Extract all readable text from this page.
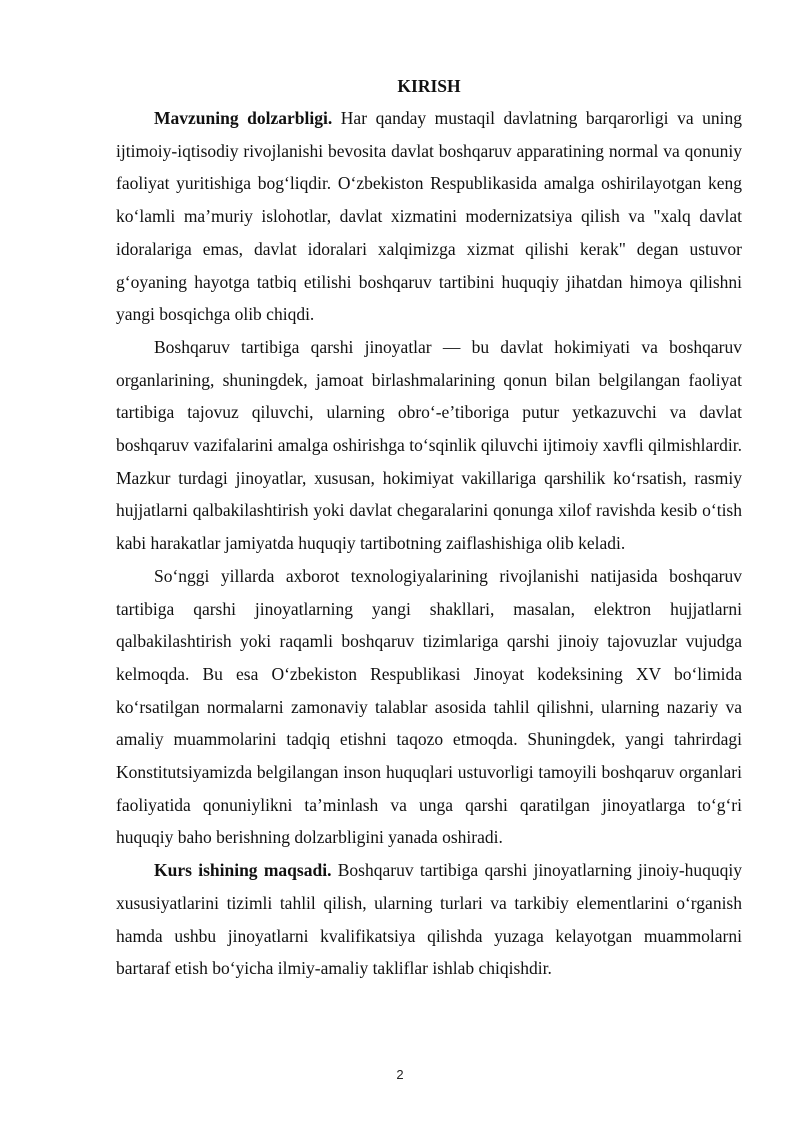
KIRISH

Mavzuning dolzarbligi. Har qanday mustaqil davlatning barqarorligi va uning ijtimoiy-iqtisodiy rivojlanishi bevosita davlat boshqaruv apparatining normal va qonuniy faoliyat yuritishiga bog‘liqdir. O‘zbekiston Respublikasida amalga oshirilayotgan keng ko‘lamli ma’muriy islohotlar, davlat xizmatini modernizatsiya qilish va "xalq davlat idoralariga emas, davlat idoralari xalqimizga xizmat qilishi kerak" degan ustuvor g‘oyaning hayotga tatbiq etilishi boshqaruv tartibini huquqiy jihatdan himoya qilishni yangi bosqichga olib chiqdi.

Boshqaruv tartibiga qarshi jinoyatlar — bu davlat hokimiyati va boshqaruv organlarining, shuningdek, jamoat birlashmalarining qonun bilan belgilangan faoliyat tartibiga tajovuz qiluvchi, ularning obro‘-e’tiboriga putur yetkazuvchi va davlat boshqaruv vazifalarini amalga oshirishga to‘sqinlik qiluvchi ijtimoiy xavfli qilmishlardir. Mazkur turdagi jinoyatlar, xususan, hokimiyat vakillariga qarshilik ko‘rsatish, rasmiy hujjatlarni qalbakilashtirish yoki davlat chegaralarini qonunga xilof ravishda kesib o‘tish kabi harakatlar jamiyatda huquqiy tartibotning zaiflashishiga olib keladi.

So‘nggi yillarda axborot texnologiyalarining rivojlanishi natijasida boshqaruv tartibiga qarshi jinoyatlarning yangi shakllari, masalan, elektron hujjatlarni qalbakilashtirish yoki raqamli boshqaruv tizimlariga qarshi jinoiy tajovuzlar vujudga kelmoqda. Bu esa O‘zbekiston Respublikasi Jinoyat kodeksining XV bo‘limida ko‘rsatilgan normalarni zamonaviy talablar asosida tahlil qilishni, ularning nazariy va amaliy muammolarini tadqiq etishni taqozo etmoqda. Shuningdek, yangi tahrirdagi Konstitutsiyamizda belgilangan inson huquqlari ustuvorligi tamoyili boshqaruv organlari faoliyatida qonuniylikni ta’minlash va unga qarshi qaratilgan jinoyatlarga to‘g‘ri huquqiy baho berishning dolzarbligini yanada oshiradi.

Kurs ishining maqsadi. Boshqaruv tartibiga qarshi jinoyatlarning jinoiy-huquqiy xususiyatlarini tizimli tahlil qilish, ularning turlari va tarkibiy elementlarini o‘rganish hamda ushbu jinoyatlarni kvalifikatsiya qilishda yuzaga kelayotgan muammolarni bartaraf etish bo‘yicha ilmiy-amaliy takliflar ishlab chiqishdir.

2
